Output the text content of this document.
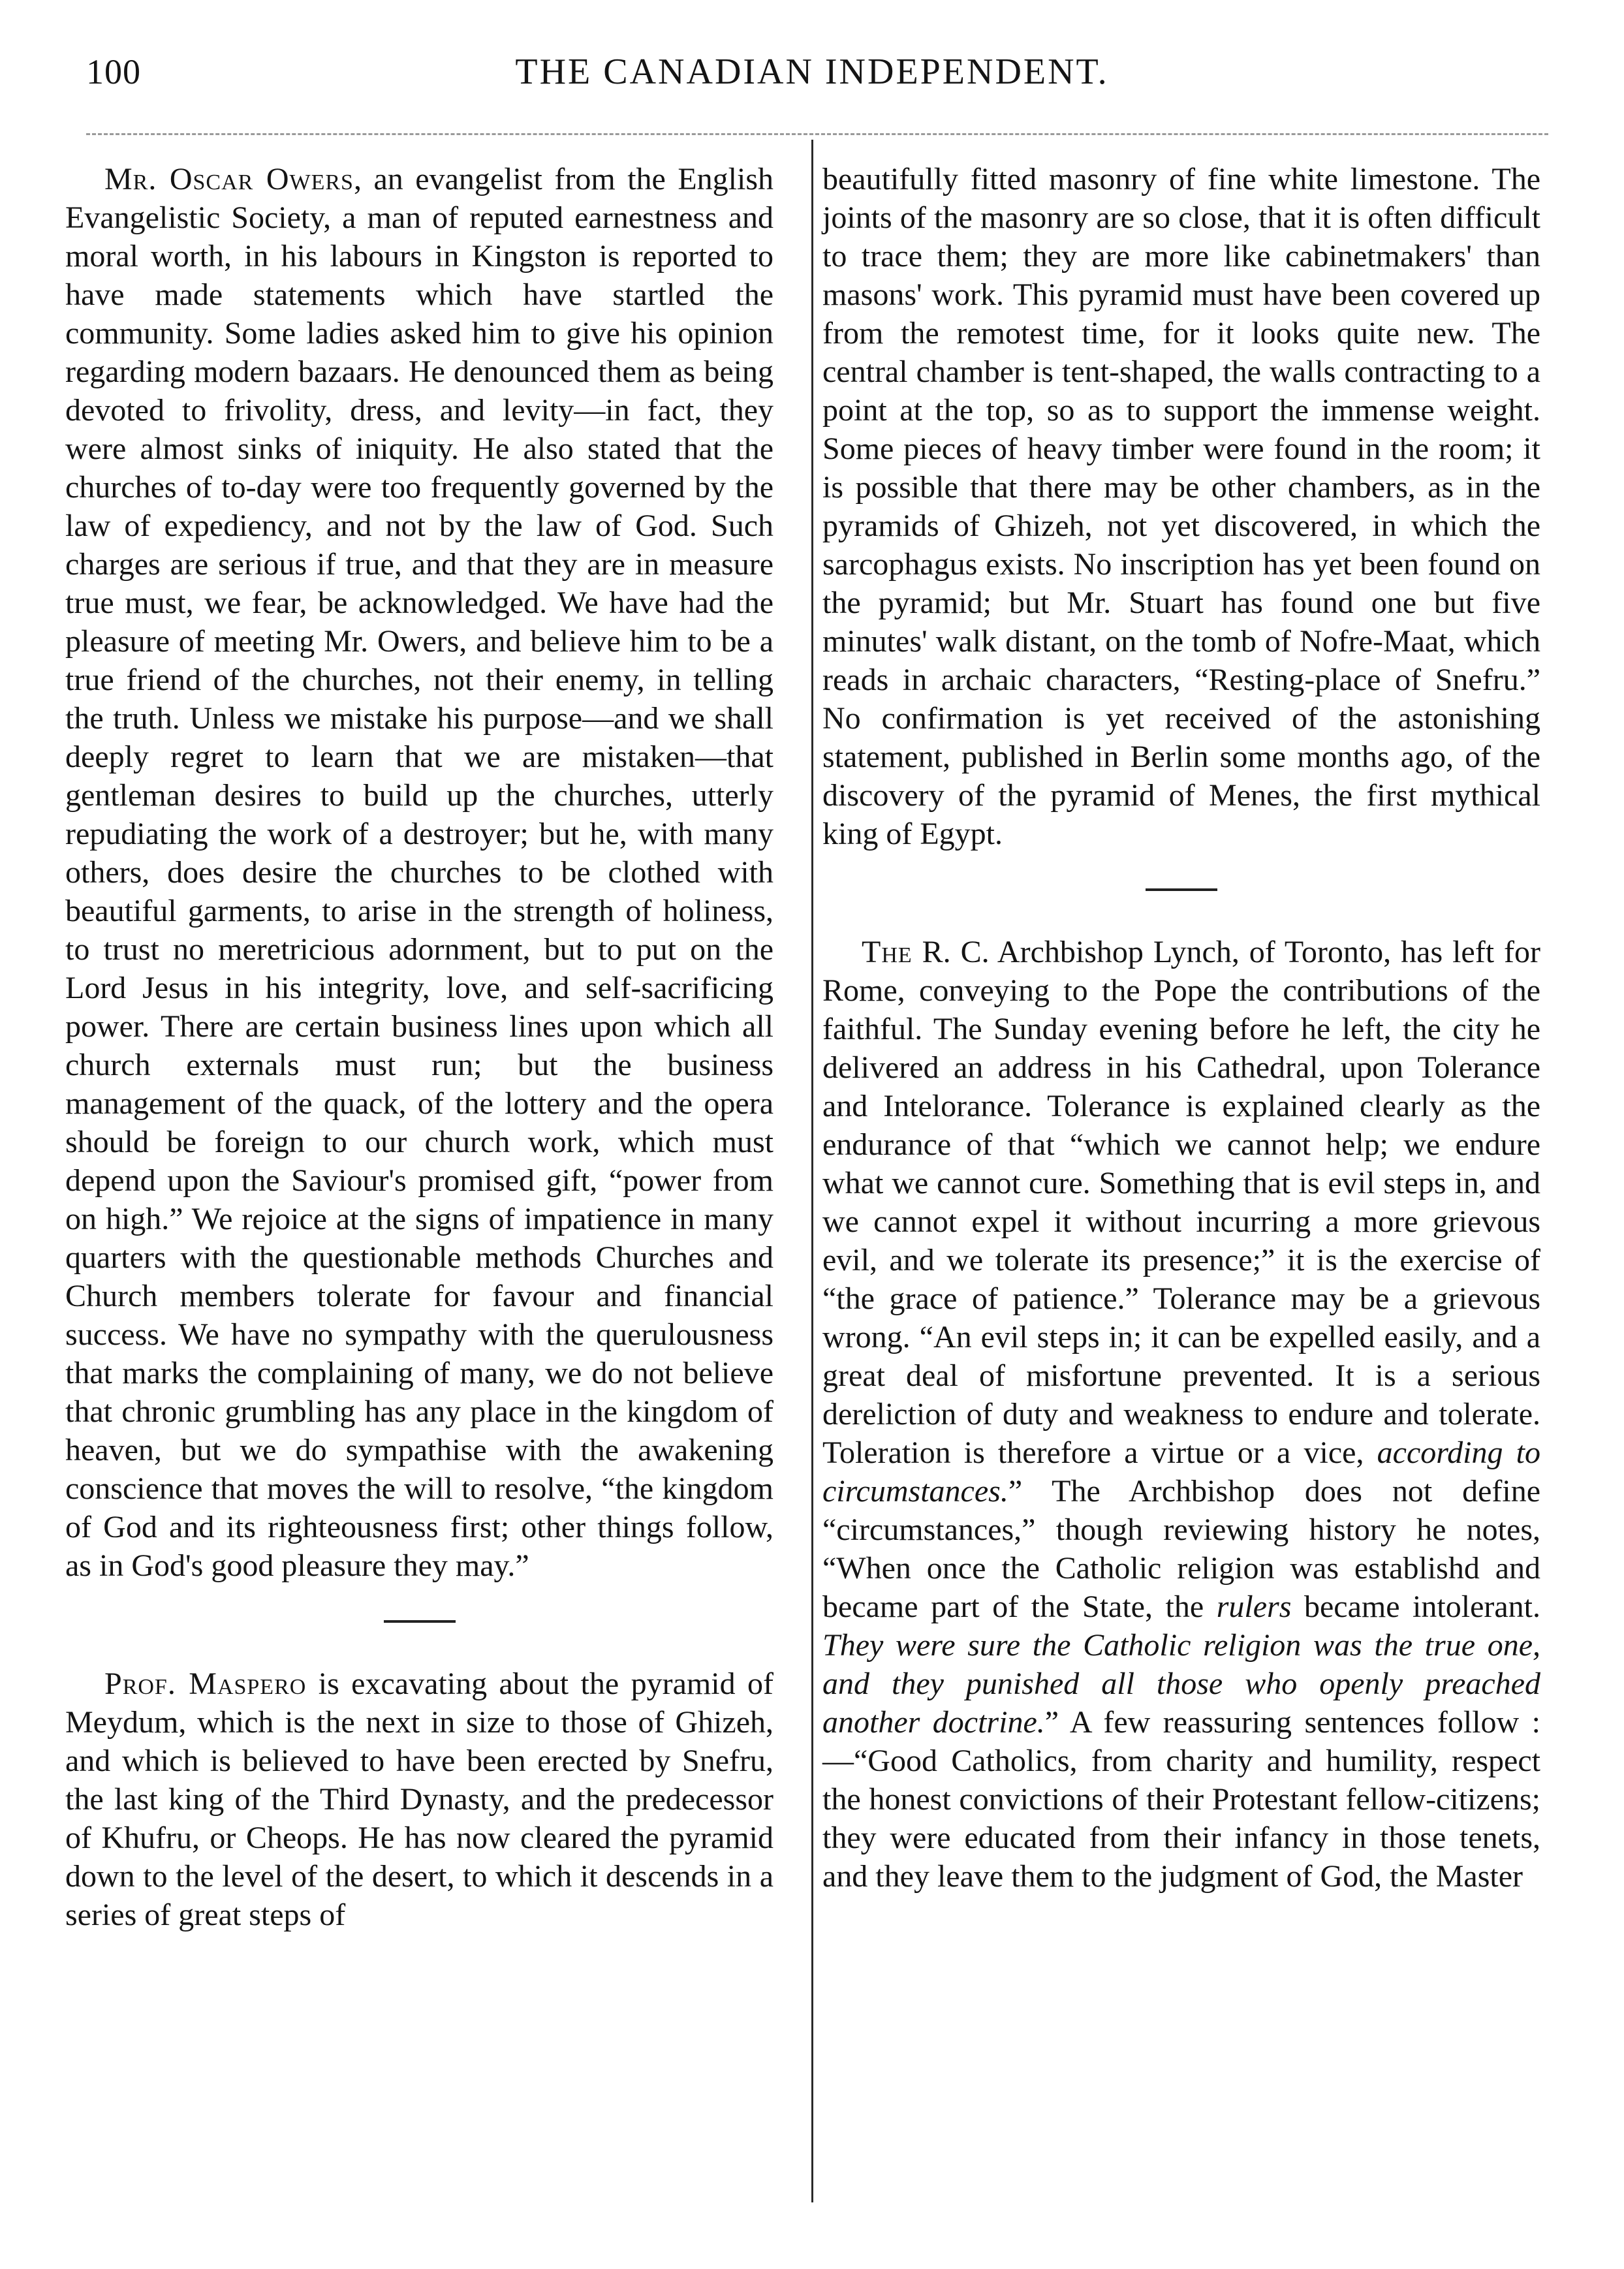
100	THE CANADIAN INDEPENDENT.

Mr. Oscar Owers, an evangelist from the English Evangelistic Society, a man of reputed earnestness and moral worth, in his labours in Kingston is reported to have made statements which have startled the community. Some ladies asked him to give his opinion regarding modern bazaars. He denounced them as being devoted to frivolity, dress, and levity—in fact, they were almost sinks of iniquity. He also stated that the churches of to-day were too frequently governed by the law of expediency, and not by the law of God. Such charges are serious if true, and that they are in measure true must, we fear, be acknowledged. We have had the pleasure of meeting Mr. Owers, and believe him to be a true friend of the churches, not their enemy, in telling the truth. Unless we mistake his purpose—and we shall deeply regret to learn that we are mistaken—that gentleman desires to build up the churches, utterly repudiating the work of a destroyer; but he, with many others, does desire the churches to be clothed with beautiful garments, to arise in the strength of holiness, to trust no meretricious adornment, but to put on the Lord Jesus in his integrity, love, and self-sacrificing power. There are certain business lines upon which all church externals must run; but the business management of the quack, of the lottery and the opera should be foreign to our church work, which must depend upon the Saviour's promised gift, “power from on high.” We rejoice at the signs of impatience in many quarters with the questionable methods Churches and Church members tolerate for favour and financial success. We have no sympathy with the querulousness that marks the complaining of many, we do not believe that chronic grumbling has any place in the kingdom of heaven, but we do sympathise with the awakening conscience that moves the will to resolve, “the kingdom of God and its righteousness first; other things follow, as in God's good pleasure they may.”

Prof. Maspero is excavating about the pyramid of Meydum, which is the next in size to those of Ghizeh, and which is believed to have been erected by Snefru, the last king of the Third Dynasty, and the predecessor of Khufru, or Cheops. He has now cleared the pyramid down to the level of the desert, to which it descends in a series of great steps of

beautifully fitted masonry of fine white limestone. The joints of the masonry are so close, that it is often difficult to trace them; they are more like cabinetmakers' than masons' work. This pyramid must have been covered up from the remotest time, for it looks quite new. The central chamber is tent-shaped, the walls contracting to a point at the top, so as to support the immense weight. Some pieces of heavy timber were found in the room; it is possible that there may be other chambers, as in the pyramids of Ghizeh, not yet discovered, in which the sarcophagus exists. No inscription has yet been found on the pyramid; but Mr. Stuart has found one but five minutes' walk distant, on the tomb of Nofre-Maat, which reads in archaic characters, “Resting-place of Snefru.” No confirmation is yet received of the astonishing statement, published in Berlin some months ago, of the discovery of the pyramid of Menes, the first mythical king of Egypt.

The R. C. Archbishop Lynch, of Toronto, has left for Rome, conveying to the Pope the contributions of the faithful. The Sunday evening before he left, the city he delivered an address in his Cathedral, upon Tolerance and Intelorance. Tolerance is explained clearly as the endurance of that “which we cannot help; we endure what we cannot cure. Something that is evil steps in, and we cannot expel it without incurring a more grievous evil, and we tolerate its presence;” it is the exercise of “the grace of patience.” Tolerance may be a grievous wrong. “An evil steps in; it can be expelled easily, and a great deal of misfortune prevented. It is a serious dereliction of duty and weakness to endure and tolerate. Toleration is therefore a virtue or a vice, according to circumstances.” The Archbishop does not define “circumstances,” though reviewing history he notes, “When once the Catholic religion was establishd and became part of the State, the rulers became intolerant. They were sure the Catholic religion was the true one, and they punished all those who openly preached another doctrine.” A few reassuring sentences follow :—“Good Catholics, from charity and humility, respect the honest convictions of their Protestant fellow-citizens; they were educated from their infancy in those tenets, and they leave them to the judgment of God, the Master
